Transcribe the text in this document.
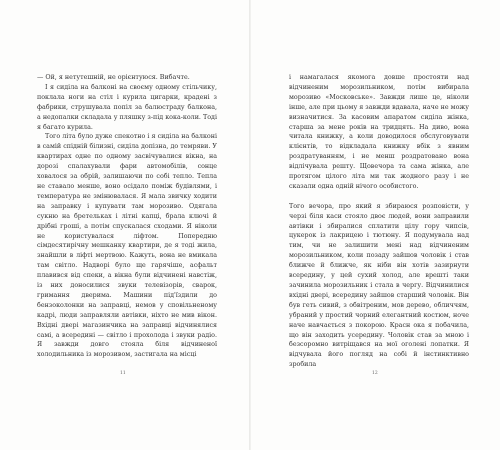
— Ой, я нетутешній, не орієнтуюся. Вибачте.

І я сиділа на балконі на своєму одному стільчику, поклала ноги на стіл і курила цигарки, крадені з фабрики, струшувала попіл за балюстраду балкона, а недопалки складала у пляшку з-під кока-коли. Тоді я багато курила.

Того літа було дуже спекотно і я сиділа на балконі в самій спідній білизні, сиділа допізна, до темряви. У квартирах одне по одному засвічувалися вікна, на дорозі спалахували фари автомобілів, сонце ховалося за обрій, залишаючи по собі тепло. Тепла не ставало менше, воно осідало поміж будівлями, і температура не змінювалася. Я мала звичку ходити на заправку і купувати там морозиво. Одягала сукню на бретельках і літні капці, брала ключі й дрібні гроші, а потім спускалася сходами. Я ніколи не користувалася ліфтом. Попередню сімдесятирічну мешканку квартири, де я тоді жила, знайшли в ліфті мертвою. Кажуть, вона не вмикала там світло. Надворі було ще гарячіше, асфальт плавився від спеки, а вікна були відчинені навстіж, із них доносилися звуки телевізорів, сварок, гримання дверима. Машини під'їздили до бензоколонки на заправці, немов у сповільненому кадрі, люди заправляли автівки, ніхто не мив вікон. Вхідні двері магазинчика на заправці відчинялися самі, а всередині — світло і прохолода і звуки радіо. Я завжди довго стояла біля відчиненої холодильника із морозивом, застигала на місці

11

і намагалася якомога довше простояти над відчиненим морозильником, потім вибирала морозиво «Московське». Завжди лише це, ніколи інше, але при цьому я завжди вдавала, наче не можу визначитися. За касовим апаратом сиділа жінка, старша за мене років на тридцять. На диво, вона читала книжку, а коли доводилося обслуговувати клієнтів, то відкладала книжку вбік з явним роздратуванням, і не менш роздратовано вона відлічувала решту. Щовечора та сама жінка, але протягом цілого літа ми так жодного разу і не сказали одна одній нічого особистого.

Того вечора, про який я збираюся розповісти, у черзі біля каси стояло двоє людей, вони заправили автівки і збиралися сплатити цілу гору чипсів, цукерок із лакрицею і тютюну. Я подумувала над тим, чи не залишити мені над відчиненим морозильником, коли позаду зайшов чоловік і став ближче й ближче, як ніби він хотів зазирнути всередину, у цей сухий холод, але врешті таки зачинила морозильник і стала в чергу. Відчинилися вхідні двері, всередину зайшов старший чоловік. Він був геть сивий, з обвітреним, мов дерево, обличчям, убраний у простий чорний елегантний костюм, ноче наче навчається з покорою. Красн ока я побачила, що він заходить усередину. Чоловік став за мною і безсоромно витріщався на мої оголені лопатки. Я відчувала його погляд на собі й інстинктивно зробила

12
